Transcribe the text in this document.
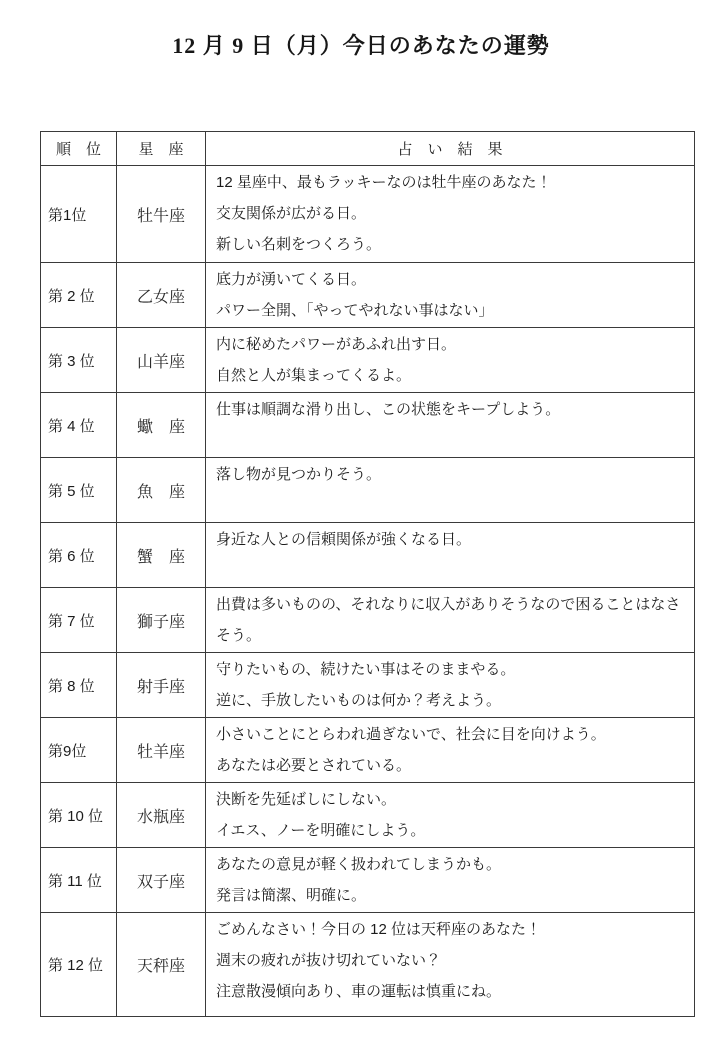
12 月 9 日（月）今日のあなたの運勢
順　位	星　座	占　い　結　果
第1位	牡牛座	12 星座中、最もラッキーなのは牡牛座のあなた！
交友関係が広がる日。
新しい名刺をつくろう。

第 2 位	乙女座	底力が湧いてくる日。
パワー全開、「やってやれない事はない」

第 3 位	山羊座	内に秘めたパワーがあふれ出す日。
自然と人が集まってくるよ。

第 4 位	蠍　座	仕事は順調な滑り出し、この状態をキープしよう。

第 5 位	魚　座	落し物が見つかりそう。

第 6 位	蟹　座	身近な人との信頼関係が強くなる日。

第 7 位	獅子座	出費は多いものの、それなりに収入がありそうなので困ることはなさそう。

第 8 位	射手座	守りたいもの、続けたい事はそのままやる。
逆に、手放したいものは何か？考えよう。

第9位	牡羊座	小さいことにとらわれ過ぎないで、社会に目を向けよう。
あなたは必要とされている。

第 10 位	水瓶座	決断を先延ばしにしない。
イエス、ノーを明確にしよう。

第 11 位	双子座	あなたの意見が軽く扱われてしまうかも。
発言は簡潔、明確に。

第 12 位	天秤座	ごめんなさい！今日の 12 位は天秤座のあなた！
週末の疲れが抜け切れていない？
注意散漫傾向あり、車の運転は慎重にね。
